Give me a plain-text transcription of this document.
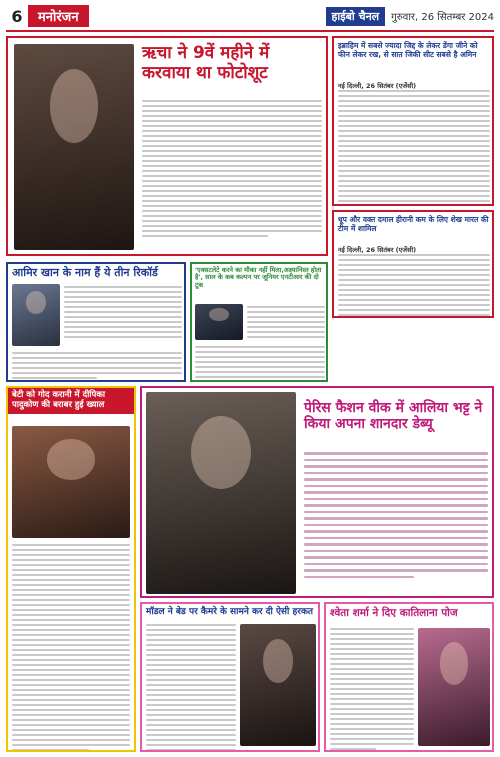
6	मनोरंजन	हाईबो चैनल	गुरुवार, 26 सितम्बर 2024
ऋचा ने 9वें महीने में
करवाया था फोटोशूट
इब्राहिम में सबसे ज्यादा जिद्द के लेकर डेंगा जीने को फीन लेकर रख, से सात जिकी सीट सबसे है अमिन
नई दिल्ली, 26 सितंबर (एजेंसी)
धूप और वक्त दमाल हीरानी कम के लिए शेख मारत की टीम में शामिल
नई दिल्ली, 26 सितंबर (एजेंसी)
आमिर खान के नाम हैं ये तीन रिकॉर्ड	'एक्सटलेटे करने का मौका नहीं मिला,अक्ष्यानिस्त होता है', साल के कब कल्पन पर जूनियर एनटीआर की दो टूक
बेटी को गोद करानी में दीपिका पादुकोण की बराबर हुई ख्याल	पेरिस फैशन वीक में आलिया भट्ट ने किया अपना शानदार डेब्यू
मॉडल ने बेड पर कैमरे के सामने कर दी ऐसी हरकत	श्वेता शर्मा ने दिए कातिलाना पोज
